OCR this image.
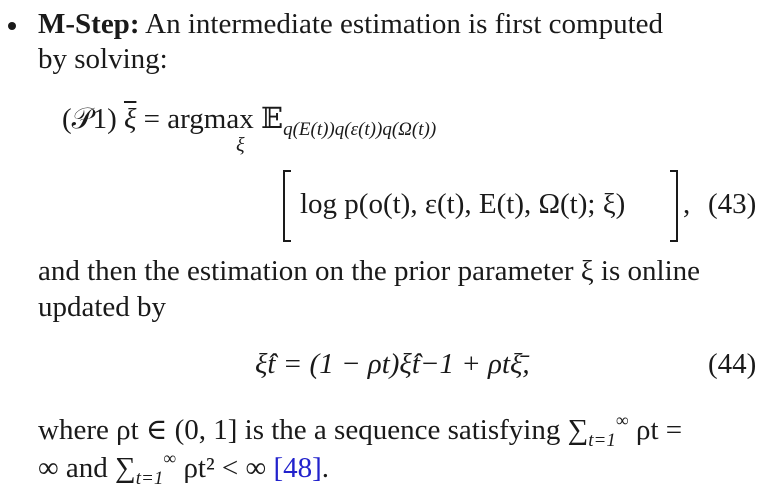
M-Step: An intermediate estimation is first computed
by solving:
(𝒫1) $\overline{\xi} = argmax$ 𝔼$_{q(E(t))q(\varepsilon(t))q(\Omega(t))}$
ξ
log p(o(t), ε(t), E(t), Ω(t); ξ) , (43)
and then the estimation on the prior parameter ξ is online
updated by
ξ̂t = (1 − ρt)ξ̂t−1 + ρtξ̄,	(44)
where ρt ∈ (0, 1] is the a sequence satisfying $\sum_{t=1}^\infty$ ρt =
∞ and $\sum_{t=1}^\infty$ ρt² < ∞ [48].
